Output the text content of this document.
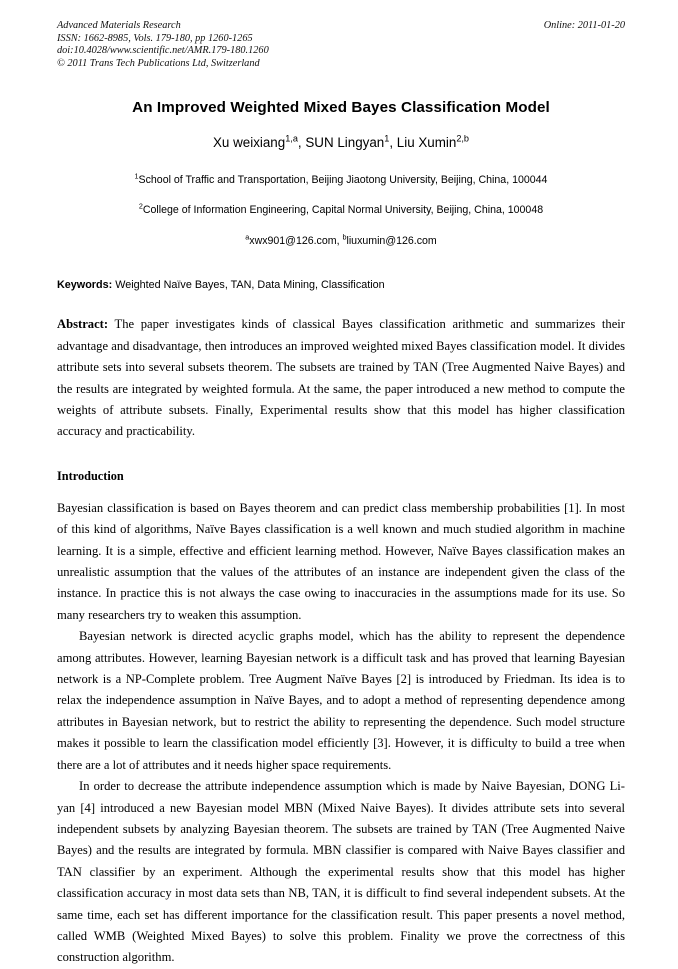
Advanced Materials Research
ISSN: 1662-8985, Vols. 179-180, pp 1260-1265
doi:10.4028/www.scientific.net/AMR.179-180.1260
© 2011 Trans Tech Publications Ltd, Switzerland
Online: 2011-01-20
An Improved Weighted Mixed Bayes Classification Model
Xu weixiang$^{1,a}$, SUN Lingyan$^1$, Liu Xumin$^{2,b}$
$^1$School of Traffic and Transportation, Beijing Jiaotong University, Beijing, China, 100044
$^2$College of Information Engineering, Capital Normal University, Beijing, China, 100048
$^a$xwx901@126.com, $^b$liuxumin@126.com
Keywords: Weighted Naïve Bayes, TAN, Data Mining, Classification
Abstract: The paper investigates kinds of classical Bayes classification arithmetic and summarizes their advantage and disadvantage, then introduces an improved weighted mixed Bayes classification model. It divides attribute sets into several subsets theorem. The subsets are trained by TAN (Tree Augmented Naive Bayes) and the results are integrated by weighted formula. At the same, the paper introduced a new method to compute the weights of attribute subsets. Finally, Experimental results show that this model has higher classification accuracy and practicability.
Introduction

Bayesian classification is based on Bayes theorem and can predict class membership probabilities [1]. In most of this kind of algorithms, Naïve Bayes classification is a well known and much studied algorithm in machine learning. It is a simple, effective and efficient learning method. However, Naïve Bayes classification makes an unrealistic assumption that the values of the attributes of an instance are independent given the class of the instance. In practice this is not always the case owing to inaccuracies in the assumptions made for its use. So many researchers try to weaken this assumption.

Bayesian network is directed acyclic graphs model, which has the ability to represent the dependence among attributes. However, learning Bayesian network is a difficult task and has proved that learning Bayesian network is a NP-Complete problem. Tree Augment Naïve Bayes [2] is introduced by Friedman. Its idea is to relax the independence assumption in Naïve Bayes, and to adopt a method of representing dependence among attributes in Bayesian network, but to restrict the ability to representing the dependence. Such model structure makes it possible to learn the classification model efficiently [3]. However, it is difficulty to build a tree when there are a lot of attributes and it needs higher space requirements.

In order to decrease the attribute independence assumption which is made by Naive Bayesian, DONG Li-yan [4] introduced a new Bayesian model MBN (Mixed Naive Bayes). It divides attribute sets into several independent subsets by analyzing Bayesian theorem. The subsets are trained by TAN (Tree Augmented Naive Bayes) and the results are integrated by formula. MBN classifier is compared with Naive Bayes classifier and TAN classifier by an experiment. Although the experimental results show that this model has higher classification accuracy in most data sets than NB, TAN, it is difficult to find several independent subsets. At the same time, each set has different importance for the classification result. This paper presents a novel method, called WMB (Weighted Mixed Bayes) to solve this problem. Finality we prove the correctness of this construction algorithm.
